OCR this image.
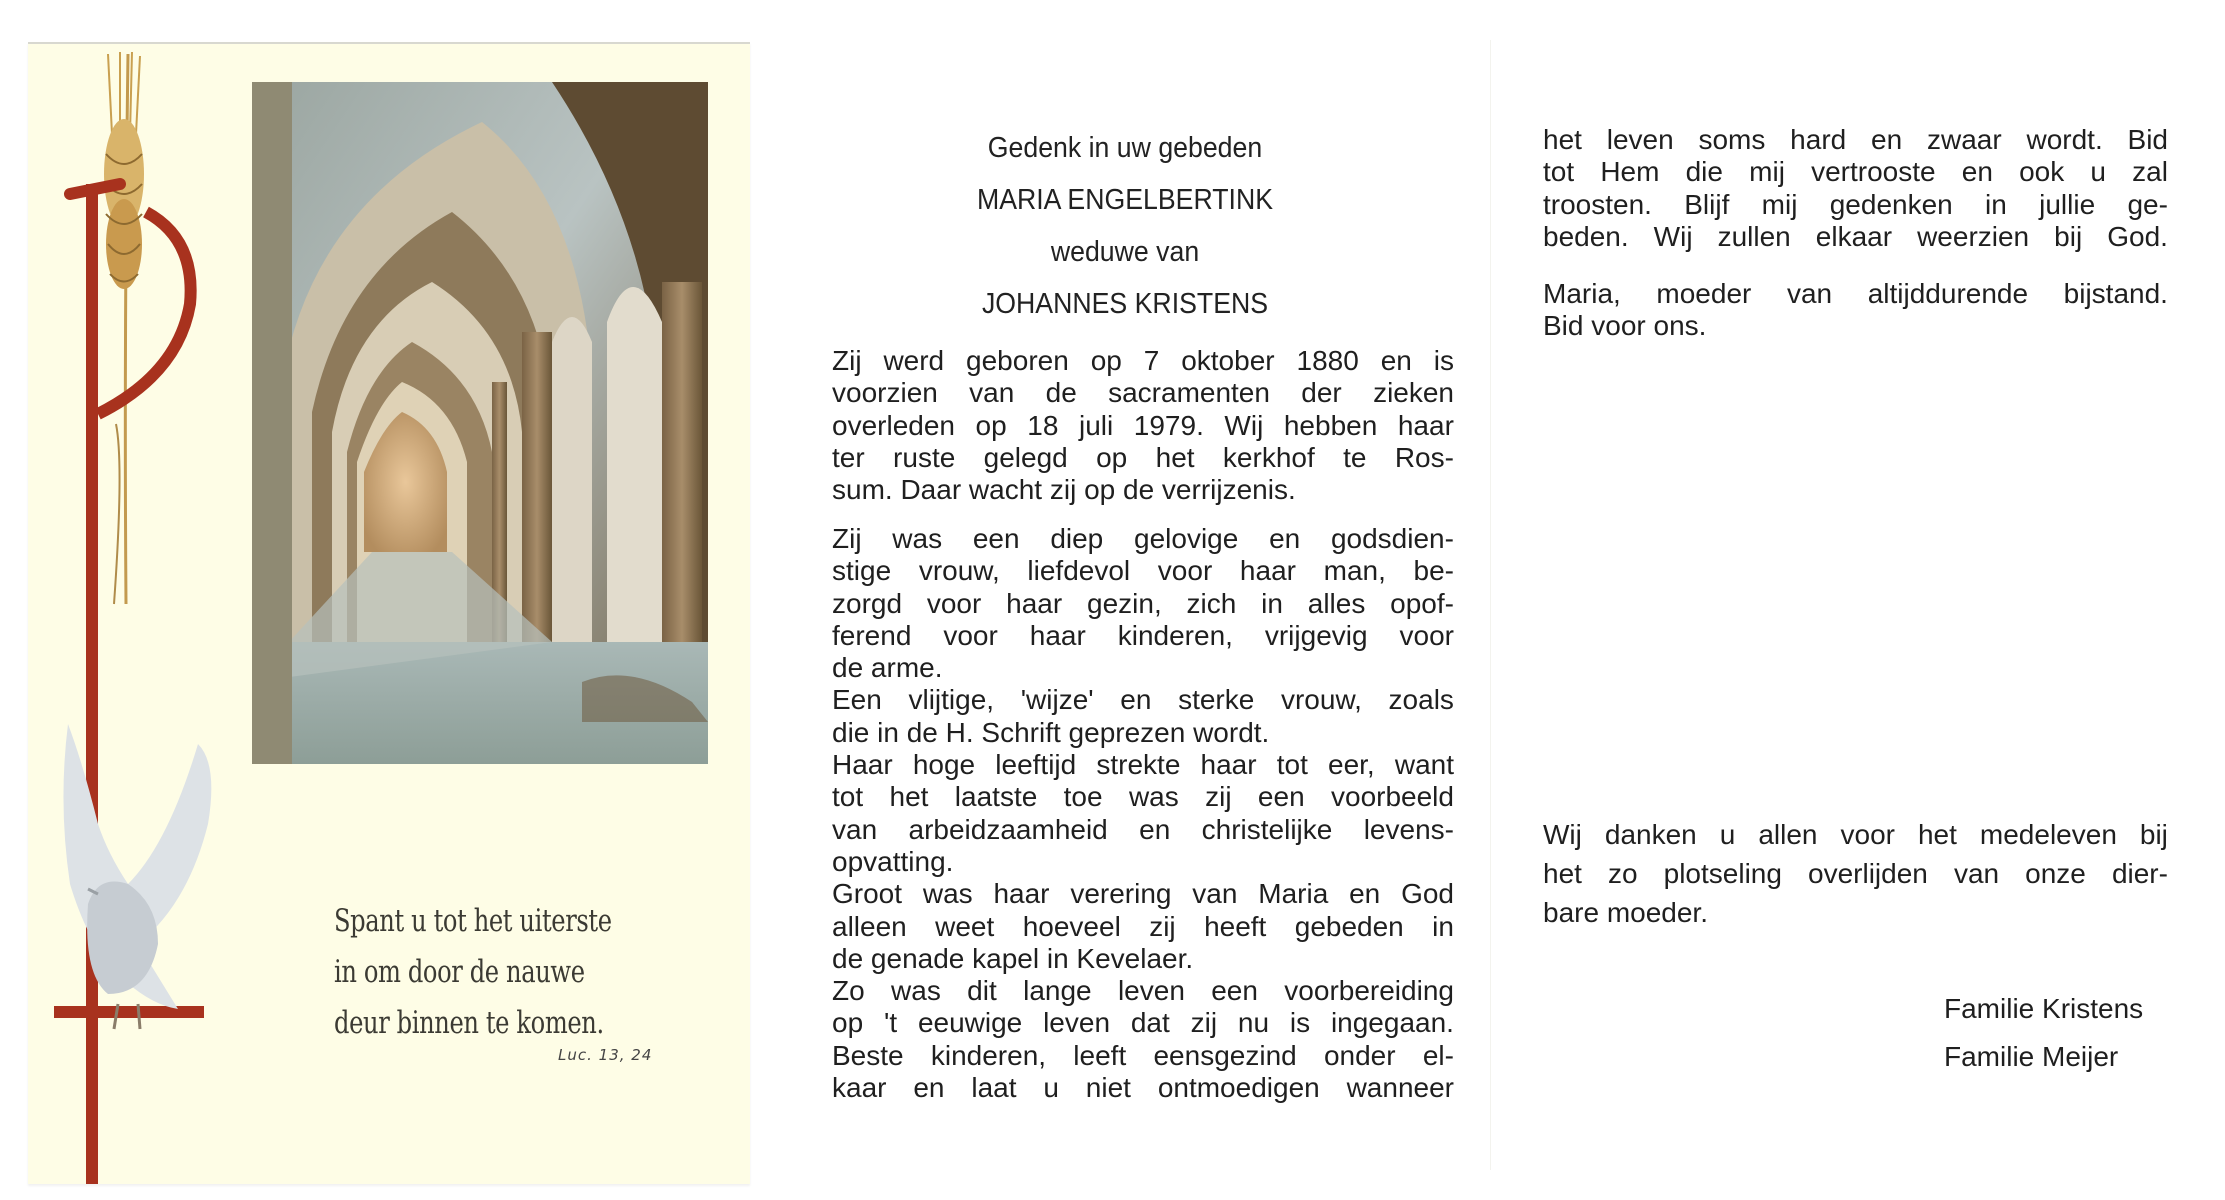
Spant u tot het uiterste
in om door de nauwe
deur binnen te komen.
Luc. 13, 24
Gedenk in uw gebeden
MARIA ENGELBERTINK
weduwe van
JOHANNES KRISTENS
Zij werd geboren op 7 oktober 1880 en is
voorzien van de sacramenten der zieken
overleden op 18 juli 1979. Wij hebben haar
ter ruste gelegd op het kerkhof te Ros-
sum. Daar wacht zij op de verrijzenis.
Zij was een diep gelovige en godsdien-
stige vrouw, liefdevol voor haar man, be-
zorgd voor haar gezin, zich in alles opof-
ferend voor haar kinderen, vrijgevig voor
de arme.
Een vlijtige, 'wijze' en sterke vrouw, zoals
die in de H. Schrift geprezen wordt.
Haar hoge leeftijd strekte haar tot eer, want
tot het laatste toe was zij een voorbeeld
van arbeidzaamheid en christelijke levens-
opvatting.
Groot was haar verering van Maria en God
alleen weet hoeveel zij heeft gebeden in
de genade kapel in Kevelaer.
Zo was dit lange leven een voorbereiding
op 't eeuwige leven dat zij nu is ingegaan.
Beste kinderen, leeft eensgezind onder el-
kaar en laat u niet ontmoedigen wanneer
het leven soms hard en zwaar wordt. Bid
tot Hem die mij vertrooste en ook u zal
troosten. Blijf mij gedenken in jullie ge-
beden. Wij zullen elkaar weerzien bij God.
Maria, moeder van altijddurende bijstand.
Bid voor ons.
Wij danken u allen voor het medeleven bij
het zo plotseling overlijden van onze dier-
bare moeder.
Familie Kristens
Familie Meijer
